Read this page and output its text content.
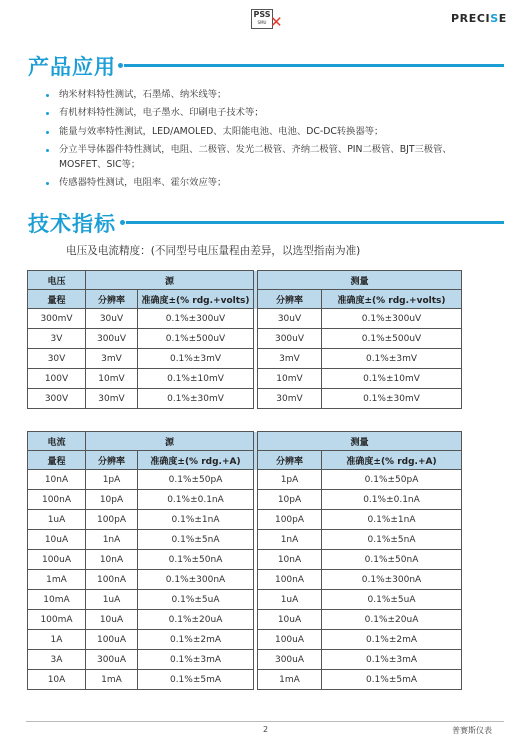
PSS
SMU ✕	PRECISE
产品应用
纳米材料特性测试，石墨烯、纳米线等；
有机材料特性测试，电子墨水、印刷电子技术等；
能量与效率特性测试，LED/AMOLED、太阳能电池、电池、DC-DC转换器等；
分立半导体器件特性测试，电阻、二极管、发光二极管、齐纳二极管、PIN二极管、BJT三极管、MOSFET、SIC等；
传感器特性测试，电阻率、霍尔效应等；
技术指标
电压及电流精度：(不同型号电压量程由差异，以选型指南为准)
电压	源			测量	
量程	分辨率	准确度±(% rdg.+volts)		分辨率	准确度±(% rdg.+volts)
300mV	30uV	0.1%±300uV		30uV	0.1%±300uV
3V	300uV	0.1%±500uV		300uV	0.1%±500uV
30V	3mV	0.1%±3mV		3mV	0.1%±3mV
100V	10mV	0.1%±10mV		10mV	0.1%±10mV
300V	30mV	0.1%±30mV		30mV	0.1%±30mV
电流	源			测量	
量程	分辨率	准确度±(% rdg.+A)		分辨率	准确度±(% rdg.+A)
10nA	1pA	0.1%±50pA		1pA	0.1%±50pA
100nA	10pA	0.1%±0.1nA		10pA	0.1%±0.1nA
1uA	100pA	0.1%±1nA		100pA	0.1%±1nA
10uA	1nA	0.1%±5nA		1nA	0.1%±5nA
100uA	10nA	0.1%±50nA		10nA	0.1%±50nA
1mA	100nA	0.1%±300nA		100nA	0.1%±300nA
10mA	1uA	0.1%±5uA		1uA	0.1%±5uA
100mA	10uA	0.1%±20uA		10uA	0.1%±20uA
1A	100uA	0.1%±2mA		100uA	0.1%±2mA
3A	300uA	0.1%±3mA		300uA	0.1%±3mA
10A	1mA	0.1%±5mA		1mA	0.1%±5mA
2	普赛斯仪表
